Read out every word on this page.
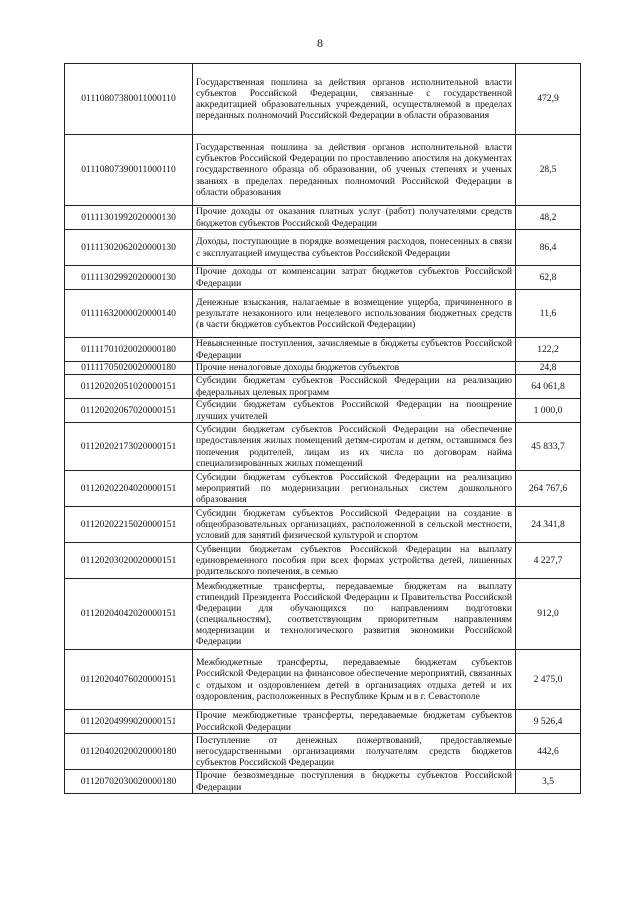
8
01110807380011000110	Государственная пошлина за действия органов исполнительной власти субъектов Российской Федерации, связанные с государственной аккредитацией образовательных учреждений, осуществляемой в пределах переданных полномочий Российской Федерации в области образования	472,9
01110807390011000110	Государственная пошлина за действия органов исполнительной власти субъектов Российской Федерации по проставлению апостиля на документах государственного образца об образовании, об ученых степенях и ученых званиях в пределах переданных полномочий Российской Федерации в области образования	28,5
01111301992020000130	Прочие доходы от оказания платных услуг (работ) получателями средств бюджетов субъектов Российской Федерации	48,2
01111302062020000130	Доходы, поступающие в порядке возмещения расходов, понесенных в связи с эксплуатацией имущества субъектов Российской Федерации	86,4
01111302992020000130	Прочие доходы от компенсации затрат бюджетов субъектов Российской Федерации	62,8
01111632000020000140	Денежные взыскания, налагаемые в возмещение ущерба, причиненного в результате незаконного или нецелевого использования бюджетных средств (в части бюджетов субъектов Российской Федерации)	11,6
01111701020020000180	Невыясненные поступления, зачисляемые в бюджеты субъектов Российской Федерации	122,2
01111705020020000180	Прочие неналоговые доходы бюджетов субъектов	24,8
01120202051020000151	Субсидии бюджетам субъектов Российской Федерации на реализацию федеральных целевых программ	64 061,8
01120202067020000151	Субсидии бюджетам субъектов Российской Федерации на поощрение лучших учителей	1 000,0
01120202173020000151	Субсидии бюджетам субъектов Российской Федерации на обеспечение предоставления жилых помещений детям-сиротам и детям, оставшимся без попечения родителей, лицам из их числа по договорам найма специализированных жилых помещений	45 833,7
01120202204020000151	Субсидии бюджетам субъектов Российской Федерации на реализацию мероприятий по модернизации региональных систем дошкольного образования	264 767,6
01120202215020000151	Субсидии бюджетам субъектов Российской Федерации на создание в общеобразовательных организациях, расположенной в сельской местности, условий для занятий физической культурой и спортом	24 341,8
01120203020020000151	Субвенции бюджетам субъектов Российской Федерации на выплату единовременного пособия при всех формах устройства детей, лишенных родительского попечения, в семью	4 227,7
01120204042020000151	Межбюджетные трансферты, передаваемые бюджетам на выплату стипендий Президента Российской Федерации и Правительства Российской Федерации для обучающихся по направлениям подготовки (специальностям), соответствующим приоритетным направлениям модернизации и технологического развития экономики Российской Федерации	912,0
01120204076020000151	Межбюджетные трансферты, передаваемые бюджетам субъектов Российской Федерации на финансовое обеспечение мероприятий, связанных с отдыхом и оздоровлением детей в организациях отдыха детей и их оздоровления, расположенных в Республике Крым и в г. Севастополе	2 475,0
01120204999020000151	Прочие межбюджетные трансферты, передаваемые бюджетам субъектов Российской Федерации	9 526,4
01120402020020000180	Поступление от денежных пожертвований, предоставляемые негосударственными организациями получателям средств бюджетов субъектов Российской Федерации	442,6
01120702030020000180	Прочие безвозмездные поступления в бюджеты субъектов Российской Федерации	3,5
